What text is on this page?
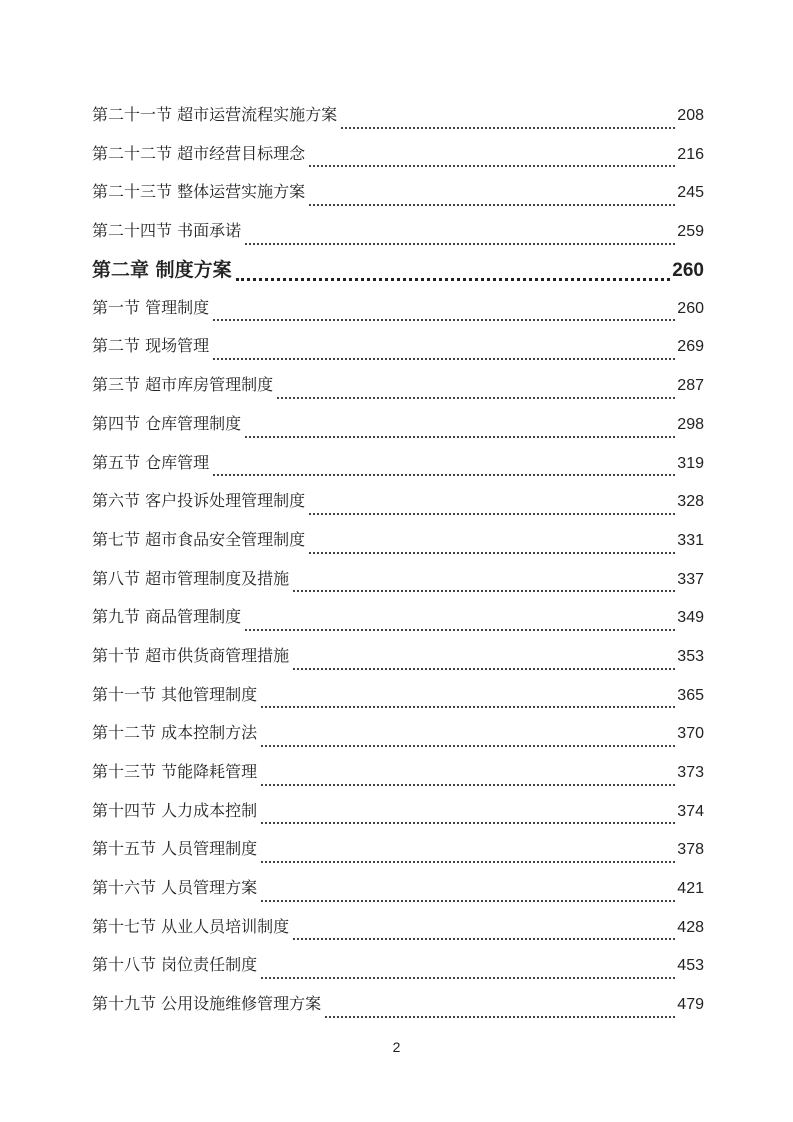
第二十一节 超市运营流程实施方案	208
第二十二节 超市经营目标理念	216
第二十三节 整体运营实施方案	245
第二十四节 书面承诺	259
第二章 制度方案	260
第一节 管理制度	260
第二节 现场管理	269
第三节 超市库房管理制度	287
第四节 仓库管理制度	298
第五节 仓库管理	319
第六节 客户投诉处理管理制度	328
第七节 超市食品安全管理制度	331
第八节 超市管理制度及措施	337
第九节 商品管理制度	349
第十节 超市供货商管理措施	353
第十一节 其他管理制度	365
第十二节 成本控制方法	370
第十三节 节能降耗管理	373
第十四节 人力成本控制	374
第十五节 人员管理制度	378
第十六节 人员管理方案	421
第十七节 从业人员培训制度	428
第十八节 岗位责任制度	453
第十九节 公用设施维修管理方案	479
2
